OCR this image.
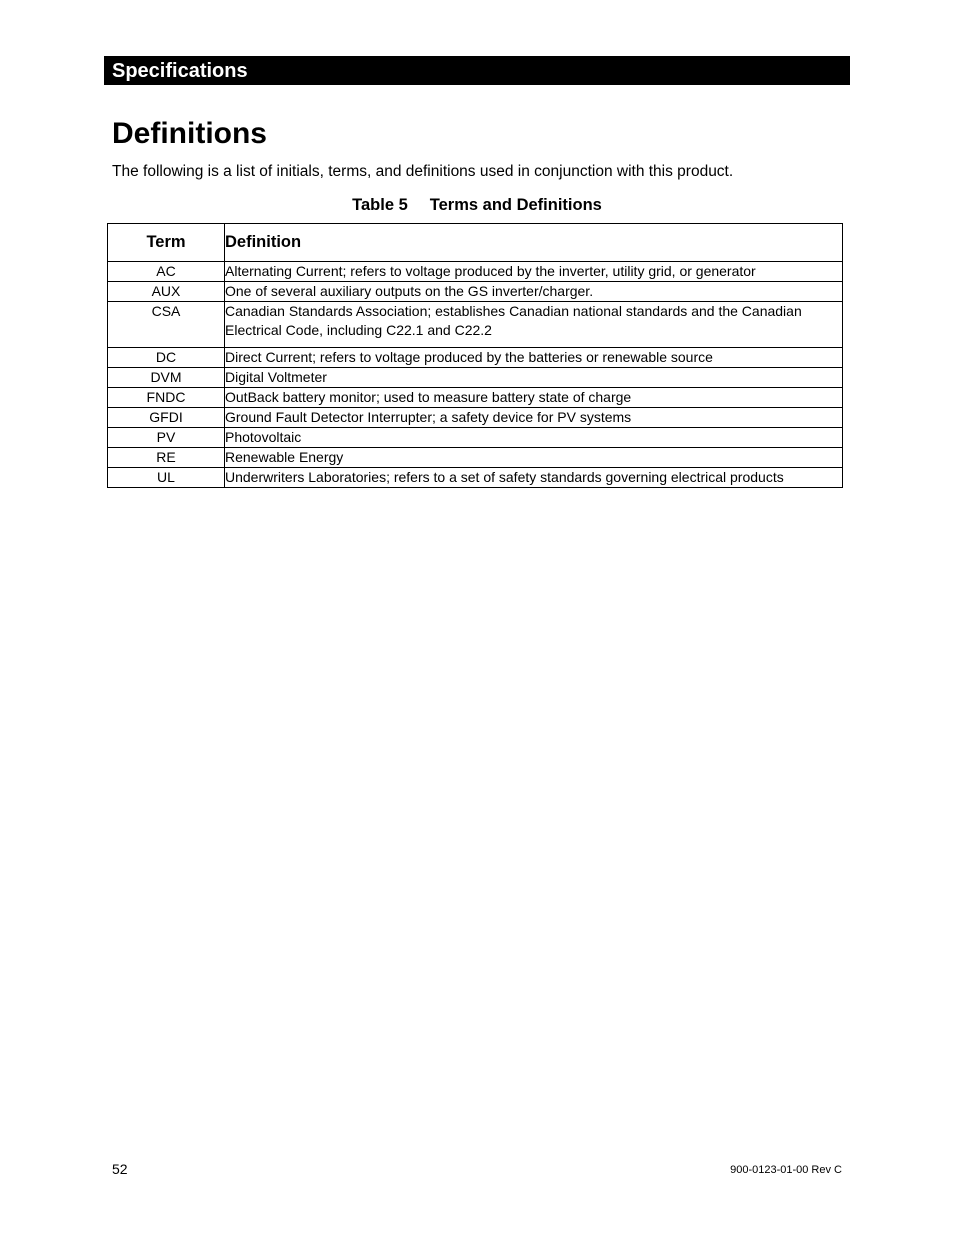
Specifications
Definitions

The following is a list of initials, terms, and definitions used in conjunction with this product.

Table 5 Terms and Definitions
Term	Definition
AC	Alternating Current; refers to voltage produced by the inverter, utility grid, or generator
AUX	One of several auxiliary outputs on the GS inverter/charger.
CSA	Canadian Standards Association; establishes Canadian national standards and the Canadian Electrical Code, including C22.1 and C22.2
DC	Direct Current; refers to voltage produced by the batteries or renewable source
DVM	Digital Voltmeter
FNDC	OutBack battery monitor; used to measure battery state of charge
GFDI	Ground Fault Detector Interrupter; a safety device for PV systems
PV	Photovoltaic
RE	Renewable Energy
UL	Underwriters Laboratories; refers to a set of safety standards governing electrical products
52	900-0123-01-00 Rev C
